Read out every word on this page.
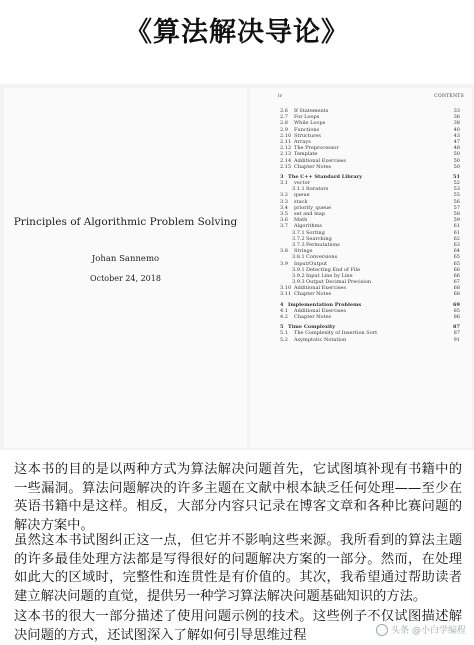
《算法解决导论》
Principles of Algorithmic Problem Solving
Johan Sannemo
October 24, 2018
iv	CONTENTS
2.6 If Statements	33
2.7 For Loops	36
2.8 While Loops	38
2.9 Functions	40
2.10 Structures	43
2.11 Arrays	47
2.12 The Preprocessor	48
2.13 Template	50
2.14 Additional Exercises	50
2.15 Chapter Notes	50
3 The C++ Standard Library	51
3.1 vector	52
3.1.1 Iterators	53
3.2 queue	55
3.3 stack	56
3.4 priority_queue	57
3.5 set and map	58
3.6 Math	59
3.7 Algorithms	61
3.7.1 Sorting	61
3.7.2 Searching	62
3.7.3 Permutations	63
3.8 Strings	64
3.8.1 Conversions	65
3.9 Input/Output	65
3.9.1 Detecting End of File	66
3.9.2 Input Line by Line	66
3.9.3 Output Decimal Precision	67
3.10 Additional Exercises	68
3.11 Chapter Notes	68
4 Implementation Problems	69
4.1 Additional Exercises	85
4.2 Chapter Notes	86
5 Time Complexity	87
5.1 The Complexity of Insertion Sort	87
5.2 Asymptotic Notation	91
这本书的目的是以两种方式为算法解决问题首先，它试图填补现有书籍中的一些漏洞。算法问题解决的许多主题在文献中根本缺乏任何处理——至少在英语书籍中是这样。相反，大部分内容只记录在博客文章和各种比赛问题的解决方案中。
虽然这本书试图纠正这一点，但它并不影响这些来源。我所看到的算法主题的许多最佳处理方法都是写得很好的问题解决方案的一部分。然而，在处理如此大的区域时，完整性和连贯性是有价值的。其次，我希望通过帮助读者建立解决问题的直觉，提供另一种学习算法解决问题基础知识的方法。
这本书的很大一部分描述了使用问题示例的技术。这些例子不仅试图描述解决问题的方式，还试图深入了解如何引导思维过程	头条 @小白学编程
